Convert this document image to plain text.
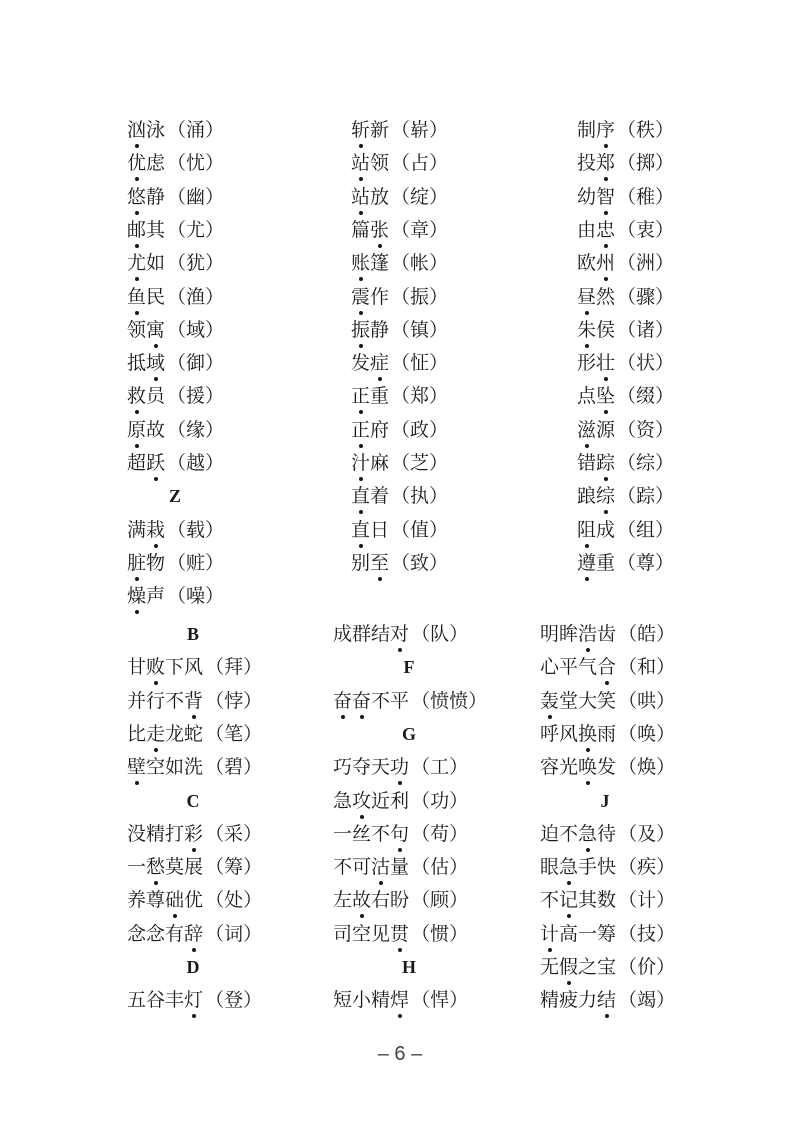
汹泳 （涌）
优虑 （忧）
悠静 （幽）
邮其 （尤）
尤如 （犹）
鱼民 （渔）
领寓 （域）
抵域 （御）
救员 （援）
原故 （缘）
超跃 （越）
Z
满栽 （载）
脏物 （赃）
燥声 （噪）
斩新 （崭）
站领 （占）
站放 （绽）
篇张 （章）
账篷 （帐）
震作 （振）
振静 （镇）
发症 （怔）
正重 （郑）
正府 （政）
汁麻 （芝）
直着 （执）
直日 （值）
别至 （致）
制序 （秩）
投郑 （掷）
幼智 （稚）
由忠 （衷）
欧州 （洲）
昼然 （骤）
朱侯 （诸）
形壮 （状）
点坠 （缀）
滋源 （资）
错踪 （综）
踉综 （踪）
阻成 （组）
遵重 （尊）
B
甘败下风 （拜）
并行不背 （悖）
比走龙蛇 （笔）
壁空如洗 （碧）
C
没精打彩 （采）
一愁莫展 （筹）
养尊础优 （处）
念念有辞 （词）
D
五谷丰灯 （登）
成群结对 （队）
F
奋奋不平 （愤愤）
G
巧夺天功 （工）
急攻近利 （功）
一丝不句 （苟）
不可沽量 （估）
左故右盼 （顾）
司空见贯 （惯）
H
短小精焊 （悍）
明眸浩齿 （皓）
心平气合 （和）
轰堂大笑 （哄）
呼风换雨 （唤）
容光唤发 （焕）
J
迫不急待 （及）
眼急手快 （疾）
不记其数 （计）
计高一筹 （技）
无假之宝 （价）
精疲力结 （竭）
– 6 –
